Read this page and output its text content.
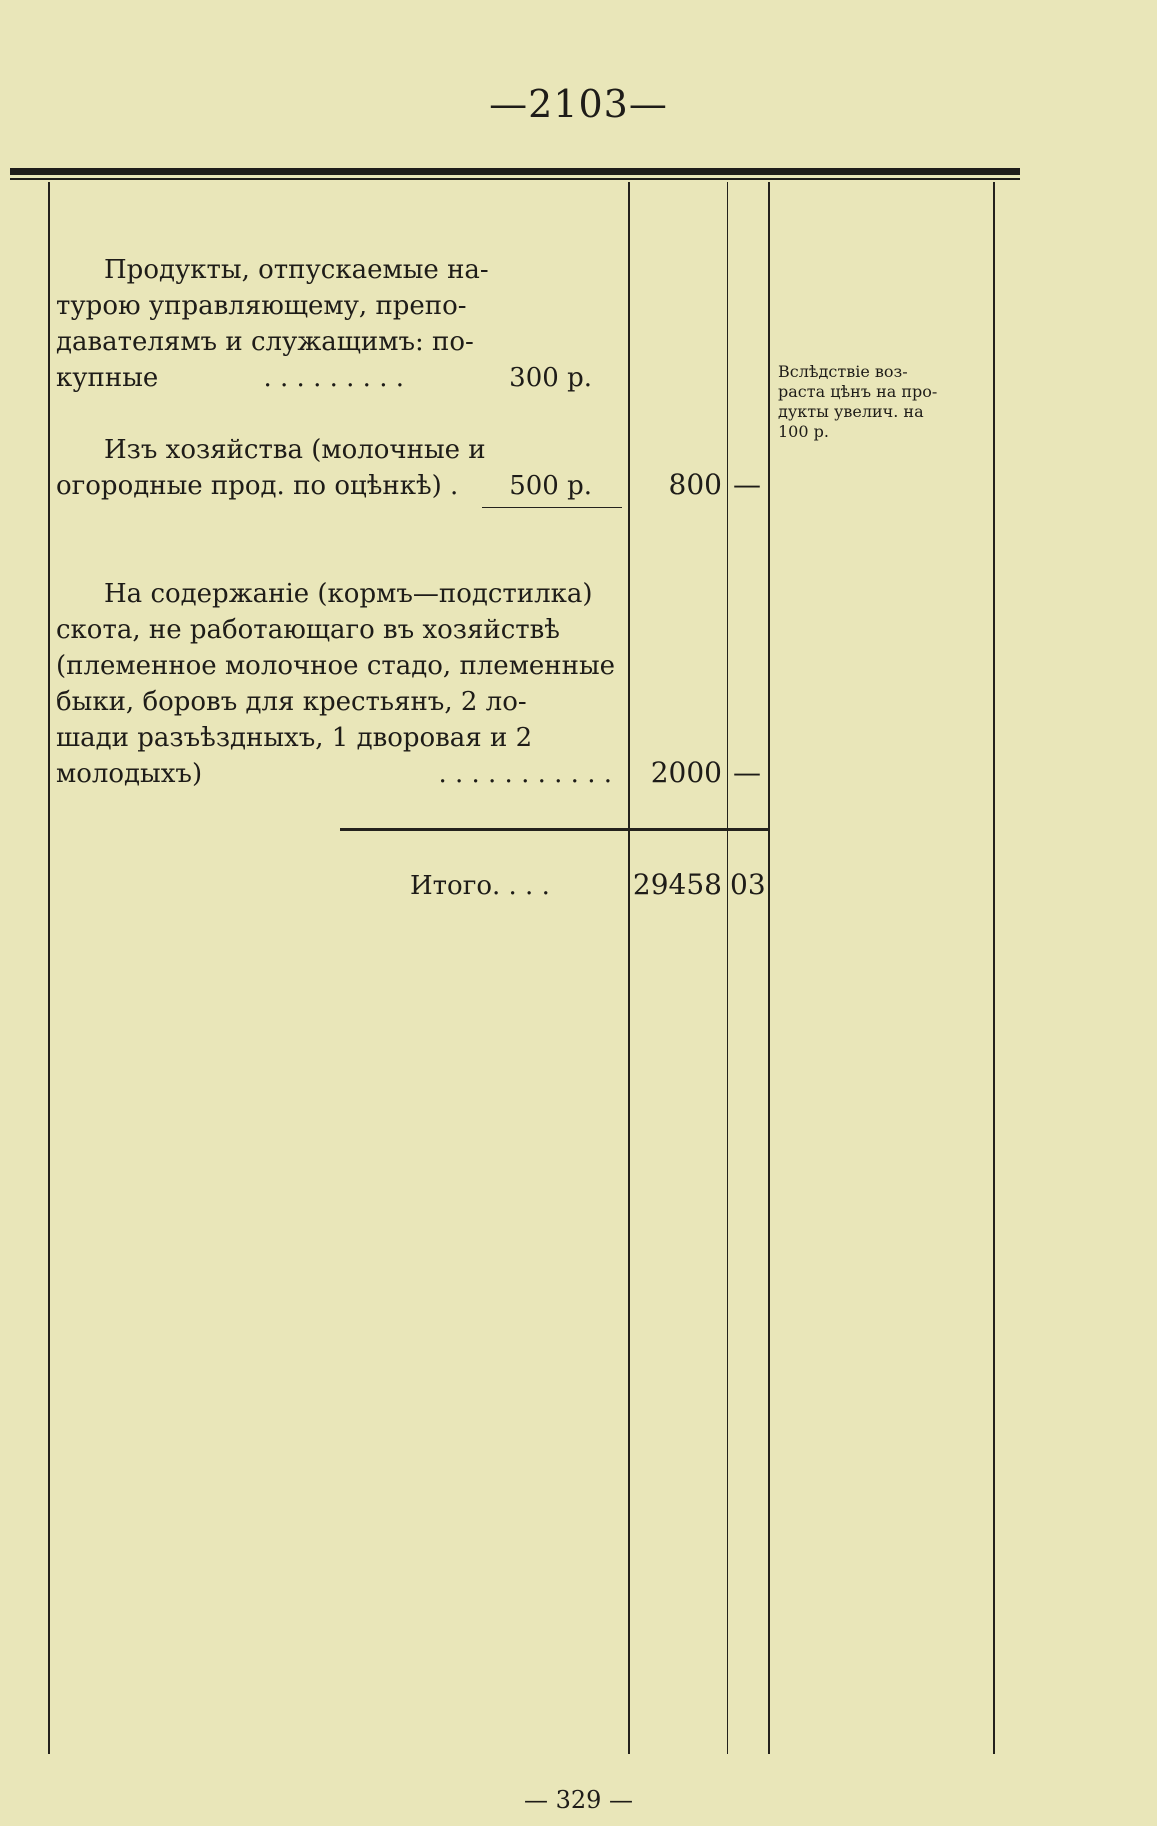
—2103—
Продукты, отпускаемые на-
турою управляющему, препо-
давателямъ и служащимъ: по-
купные	. . . . . . . . .	300 р.
Изъ хозяйства (молочные и
огородные прод. по оцѣнкѣ) . 500 р.	800 —
Вслѣдствіе воз-
раста цѣнъ на про-
дукты увелич. на
100 р.
На содержаніе (кормъ—подстилка)
скота, не работающаго въ хозяйствѣ
(племенное молочное стадо, племенные
быки, боровъ для крестьянъ, 2 ло-
шади разъѣздныхъ, 1 дворовая и 2
молодыхъ)	. . . . . . . . . . .	2000 —
Итого. . . .	29458 03
— 329 —
